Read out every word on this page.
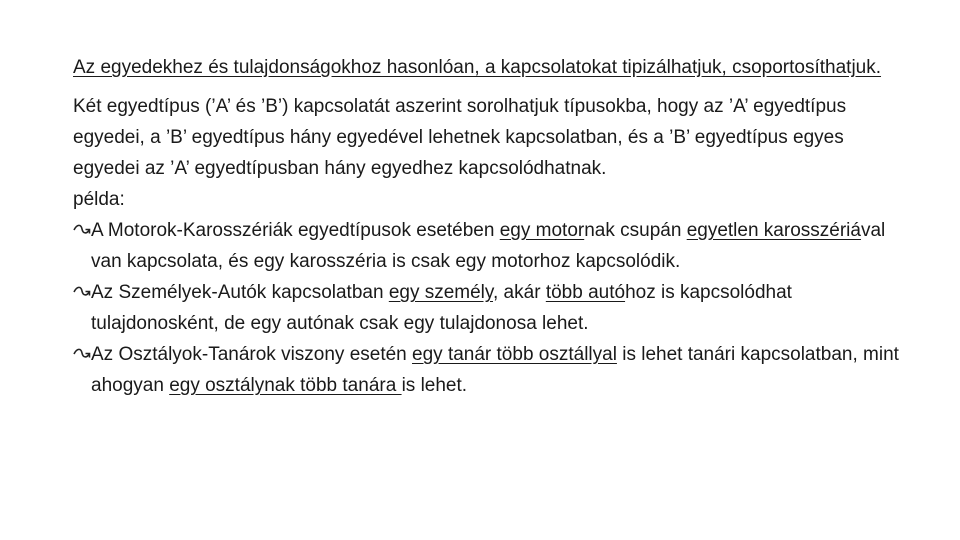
Az egyedekhez és tulajdonságokhoz hasonlóan, a kapcsolatokat tipizálhatjuk, csoportosíthatjuk.

Két egyedtípus (’A’ és ’B’) kapcsolatát aszerint sorolhatjuk típusokba, hogy az ’A’ egyedtípus egyedei, a ’B’ egyedtípus hány egyedével lehetnek kapcsolatban, és a ’B’ egyedtípus egyes egyedei az ’A’ egyedtípusban hány egyedhez kapcsolódhatnak.
példa:

A Motorok-Karosszériák egyedtípusok esetében egy motornak csupán egyetlen karosszériával van kapcsolata, és egy karosszéria is csak egy motorhoz kapcsolódik.

Az Személyek-Autók kapcsolatban egy személy, akár több autóhoz is kapcsolódhat tulajdonosként, de egy autónak csak egy tulajdonosa lehet.

Az Osztályok-Tanárok viszony esetén egy tanár több osztállyal is lehet tanári kapcsolatban, mint ahogyan egy osztálynak több tanára is lehet.
